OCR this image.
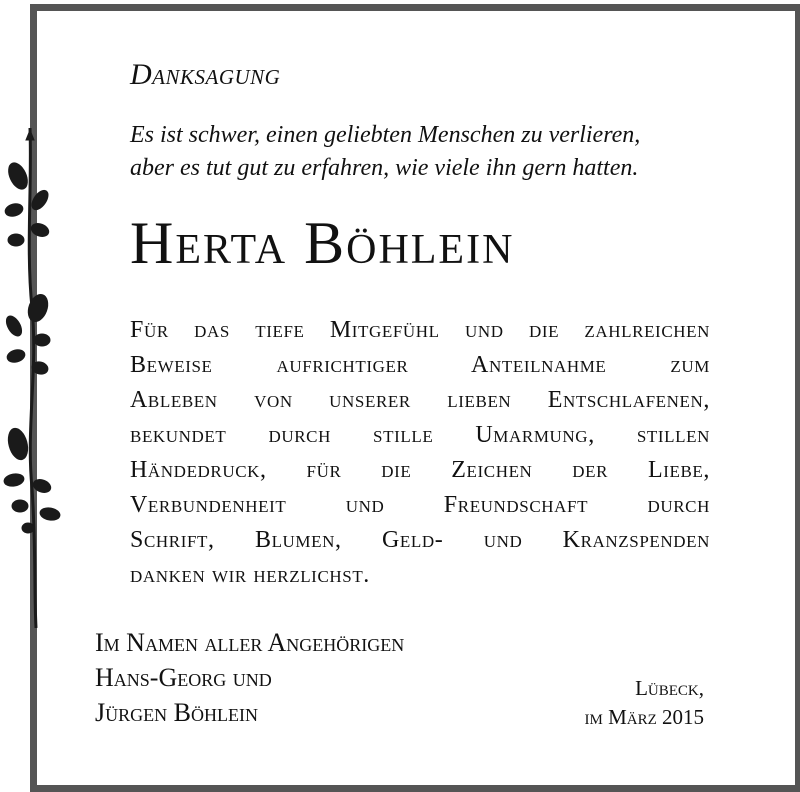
Danksagung
Es ist schwer, einen geliebten Menschen zu verlieren,
aber es tut gut zu erfahren, wie viele ihn gern hatten.
Herta Böhlein
Für das tiefe Mitgefühl und die zahlreichen
Beweise aufrichtiger Anteilnahme zum
Ableben von unserer lieben Entschlafenen,
bekundet durch stille Umarmung, stillen
Händedruck, für die Zeichen der Liebe,
Verbundenheit und Freundschaft durch
Schrift, Blumen, Geld- und Kranzspenden
danken wir herzlichst.
Im Namen aller Angehörigen
Hans-Georg und
Jürgen Böhlein
Lübeck,
im März 2015
